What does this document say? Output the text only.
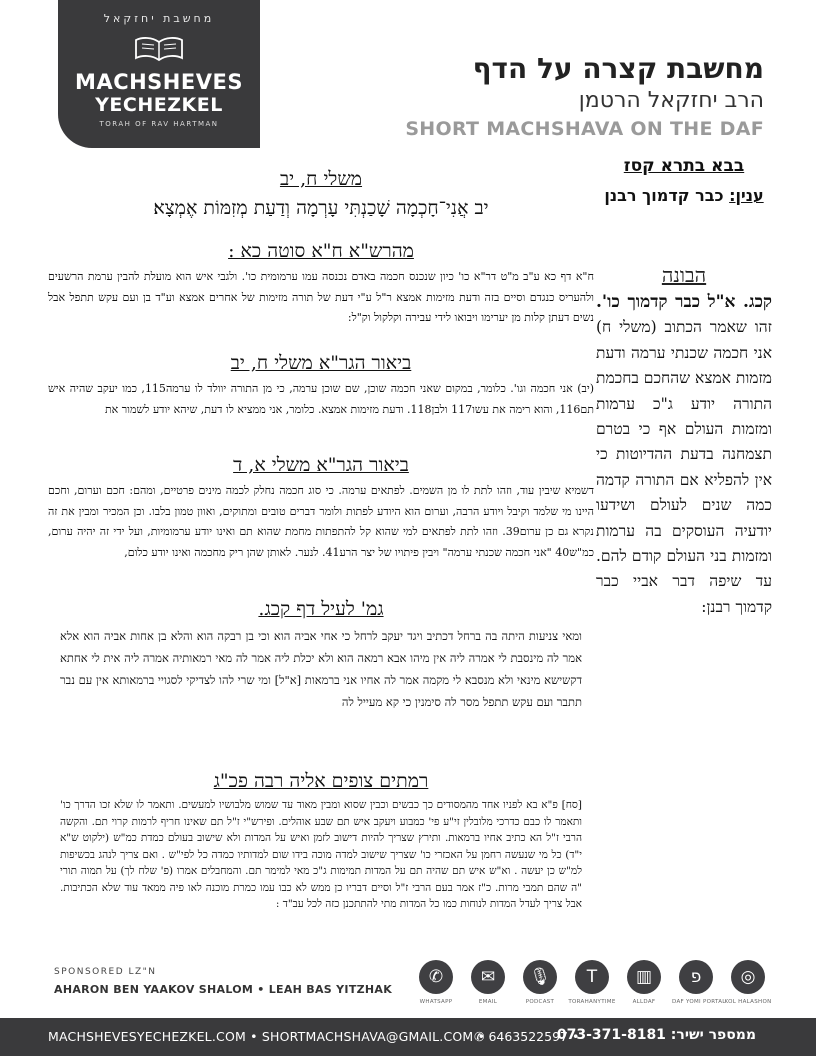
מחשבת יחזקאל
MACHSHEVES
YECHEZKEL
TORAH OF RAV HARTMAN
מחשבת קצרה על הדף
הרב יחזקאל הרטמן
SHORT MACHSHAVA ON THE DAF
בבא בתרא קסז
ענין: כבר קדמוך רבנן
הבונה
קכג. א"ל כבר קדמוך כו'. זהו שאמר הכתוב (משלי ח) אני חכמה שכנתי ערמה ודעת מזמות אמצא שהחכם בחכמת התורה יודע ג"כ ערמות ומזמות העולם אף כי בטרם תצמחנה בדעת ההדיוטות כי אין להפליא אם התורה קדמה כמה שנים לעולם ושידעו יודעיה העוסקים בה ערמות ומזמות בני העולם קודם להם. עד שיפה דבר אביי כבר קדמוך רבנן:
משלי ח, יב
יב אֲנִי־חָכְמָה שָׁכַנְתִּי עָרְמָה וְדַעַת מְזִמּוֹת אֶמְצָא׃
מהרש"א ח"א סוטה כא :
ח"א דף כא ע"ב מ"ט דר"א כו' כיון שנכנס חכמה באדם נכנסה עמו ערמומית כו'. ולגבי איש הוא מועלת להבין ערמת הרשעים ולהעריס כנגדם וסיים בזה ודעת מזימות אמצא ר"ל ע"י דעת של תורה מזימות של אחרים אמצא וע"ד בן ועם עקש תתפל אבל נשים דעתן קלות מן יערימו ויבואו לידי עבירה וקלקול וק"ל:
ביאור הגר"א משלי ח, יב
(יב) אני חכמה וגו'. כלומר, במקום שאני חכמה שוכן, שם שוכן ערמה, כי מן התורה יוולד לו ערמה115, כמו יעקב שהיה איש תם116, והוא רימה את עשו117 ולבן118. ודעת מזימות אמצא. כלומר, אני ממציא לו דעת, שיהא יודע לשמור את
ביאור הגר"א משלי א, ד
דשמיא שיבין עוד, וזהו לתת לו מן השמים. לפתאים ערמה. כי סוג חכמה נחלק לכמה מינים פרטיים, ומהם: חכם וערום, וחכם היינו מי שלמד וקיבל ויודע הרבה, וערום הוא היודע לפתות ולומר דברים טובים ומתוקים, ואוון טמון בלבו. וכן המכיר ומבין את זה נקרא גם כן ערום39. וזהו לתת לפתאים למי שהוא קל להתפתות מחמת שהוא תם ואינו יודע ערמומיות, ועל ידי זה יהיה ערום, כמ"ש40 "אני חכמה שכנתי ערמה" ויבין פיתויו של יצר הרע41. לנער. לאותן שהן ריק מחכמה ואינו יודע כלום,
גמ' לעיל דף קכג.
ומאי צניעות היתה בה ברחל דכתיב ויגד יעקב לרחל כי אחי אביה הוא וכי בן רבקה הוא והלא בן אחות אביה הוא אלא אמר לה מינסבת לי אמרה ליה אין מיהו אבא רמאה הוא ולא יכלת ליה אמר לה מאי רמאותיה אמרה ליה אית לי אחתא דקשישא מינאי ולא מנסבא לי מקמה אמר לה אחיו אני ברמאות [א"ל] ומי שרי להו לצדיקי לסגויי ברמאותא אין עם נבר תתבר ועם עקש תתפל מסר לה סימנין כי קא מעייל לה
רמתים צופים אליה רבה פכ"ג
[סח] פ"א בא לפניו אחד מהמסודים כך כבשים וכבין שסוא ומבין מאוד עד שמוש מלבושיו למעשים. ותאמר לו שלא זכו הדרך כו' ותאמר לו כבם כדרכי מלובלין זי"ע פי' כמבוע ויעקב איש תם שבע אוהלים. ופירש"י ז"ל תם שאינו חריף לרמות קרוי תם. והקשה הרבי ז"ל הא כתיב אחיו ברמאות. ותירץ שצריך להיות דישוב לזמן ואיש על המדות ולא שישוב בעולם כמדת כמ"ש (ילקוט ש"א י"ד) כל מי שנעשה רחמן על האכזרי כו' שצריך שישוב למדה מוכה בידו שום למדותיו כמדה כל לפי"ש . ואם צריך לנהג בכשיפות למ"ש כן יעשה . וא"ש איש תם שהיה תם על המדות תמימות ג"כ מאי למימר תם. והמחבלים אמרו (פ' שלח לך) על תמוה תורי "ה שהם תמבי מרות. כ"ז אמר בעם הרבי ז"ל וסיים דבריו כן ממש לא כבו עמו כמרת מוכנה לאו פיה ממאד עוד שלא הכתיבות. אבל צריך לעדל המדות לנוחות כמו כל המדות מתי להתתכנן כזה לכל עב"ד :
SPONSORED LZ"N
AHARON BEN YAAKOV SHALOM • LEAH BAS YITZHAK
✆
WHATSAPP
✉
EMAIL
🎙
PODCAST
T
TORAHANYTIME
▥
ALLDAF
פ
DAF YOMI PORTAL
◎
KOL HALASHON
MACHSHEVESYECHEZKEL.COM • SHORTMACHSHAVA@GMAIL.COM •
✆ 6463522597 •
ממספר ישיר: 073-371-8181
